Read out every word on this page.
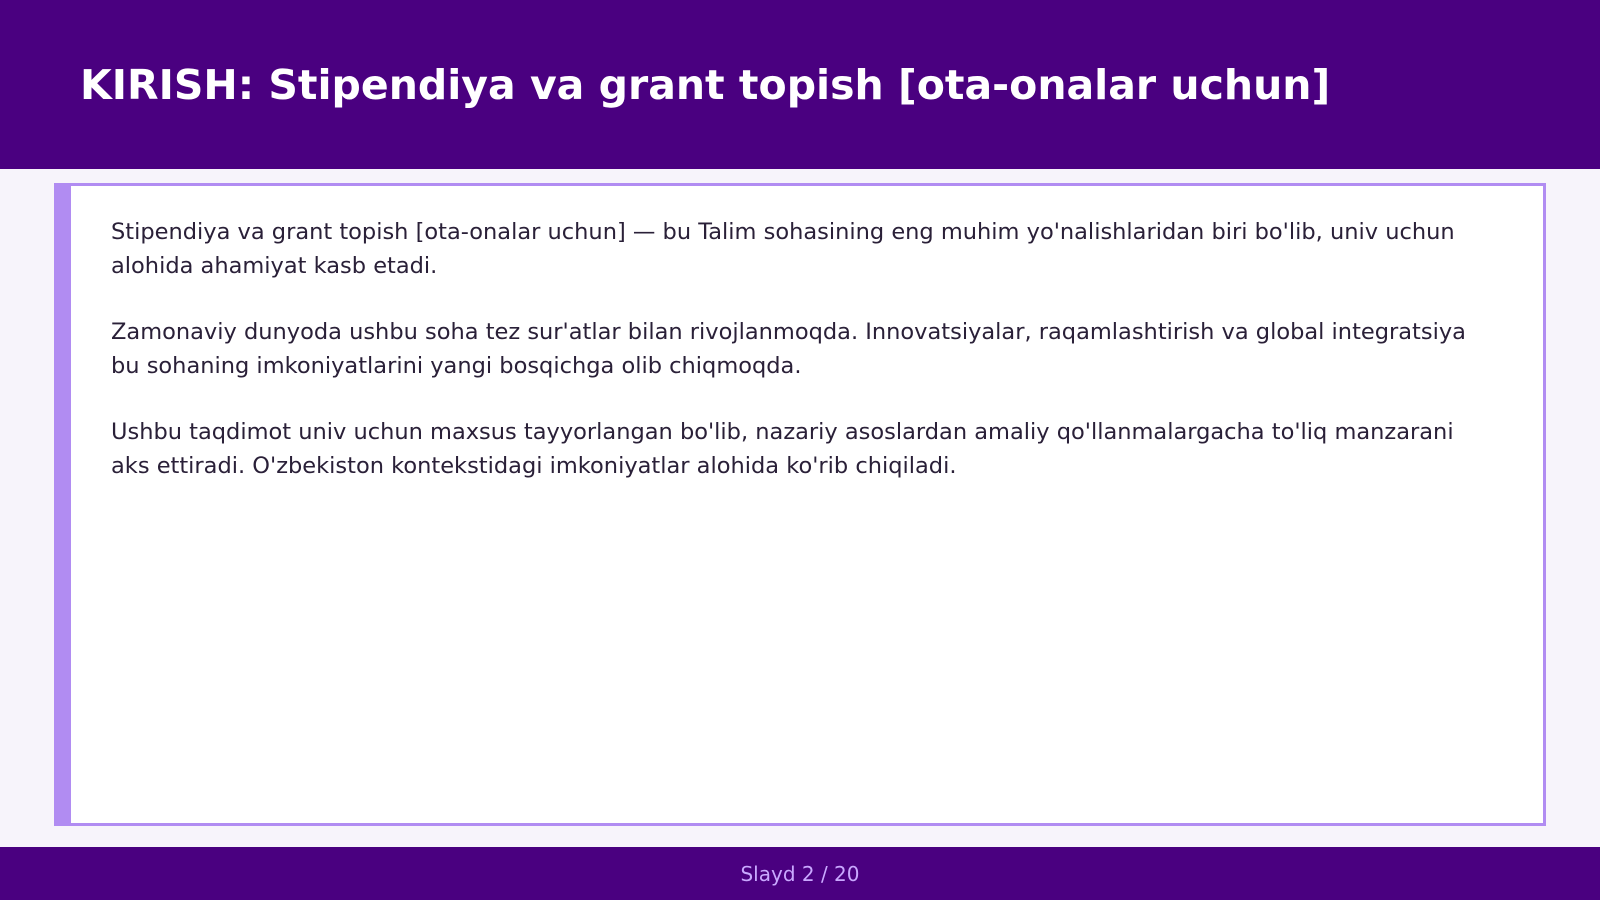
KIRISH: Stipendiya va grant topish [ota-onalar uchun]

Stipendiya va grant topish [ota-onalar uchun] — bu Talim sohasining eng muhim yo'nalishlaridan biri bo'lib, univ uchun alohida ahamiyat kasb etadi.

Zamonaviy dunyoda ushbu soha tez sur'atlar bilan rivojlanmoqda. Innovatsiyalar, raqamlashtirish va global integratsiya bu sohaning imkoniyatlarini yangi bosqichga olib chiqmoqda.

Ushbu taqdimot univ uchun maxsus tayyorlangan bo'lib, nazariy asoslardan amaliy qo'llanmalargacha to'liq manzarani aks ettiradi. O'zbekiston kontekstidagi imkoniyatlar alohida ko'rib chiqiladi.

Slayd 2 / 20
